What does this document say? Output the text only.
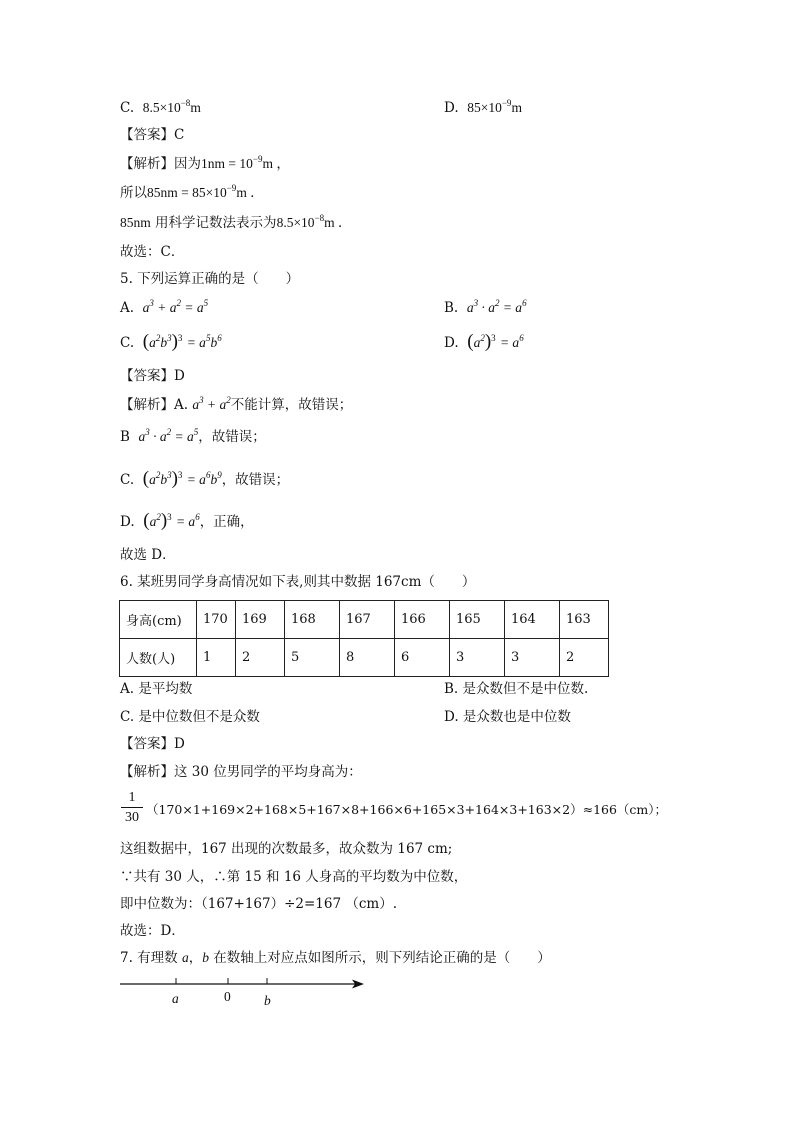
C. $8.5\times 10^{-8}m$	D. $85\times 10^{-9}m$
【答案】C
【解析】因为$1nm = 10^{-9}m$ ，
所以$85nm = 85\times 10^{-9}m$ ．
85nm 用科学记数法表示为$8.5\times 10^{-8}m$ ．
故选：C．
5. 下列运算正确的是（　　）
A. $a^3 + a^2 = a^5$	B. $a^3 \cdot a^2 = a^6$
C. $(a^2b^3)^3 = a^5b^6$	D. $(a^2)^3 = a^6$
【答案】D
【解析】A. $a^3 + a^2$不能计算，故错误；
B $a^3 \cdot a^2 = a^5$，故错误；
C. $(a^2b^3)^3 = a^6b^9$，故错误；
D. $(a^2)^3 = a^6$，正确，
故选 D．
6. 某班男同学身高情况如下表,则其中数据 167cm（　　）
身高(cm)	170	169	168	167	166	165	164	163
人数(人)	1	2	5	8	6	3	3	2
A. 是平均数	B. 是众数但不是中位数.
C. 是中位数但不是众数	D. 是众数也是中位数
【答案】D
【解析】这 30 位男同学的平均身高为：
1
30
（170×1+169×2+168×5+167×8+166×6+165×3+164×3+163×2）≈166（cm）；
这组数据中，167 出现的次数最多，故众数为 167 cm;
∵共有 30 人，∴第 15 和 16 人身高的平均数为中位数，
即中位数为：（167+167）÷2=167 （cm）.
故选：D．
7. 有理数 a，b 在数轴上对应点如图所示，则下列结论正确的是（　　）
a	0 b
